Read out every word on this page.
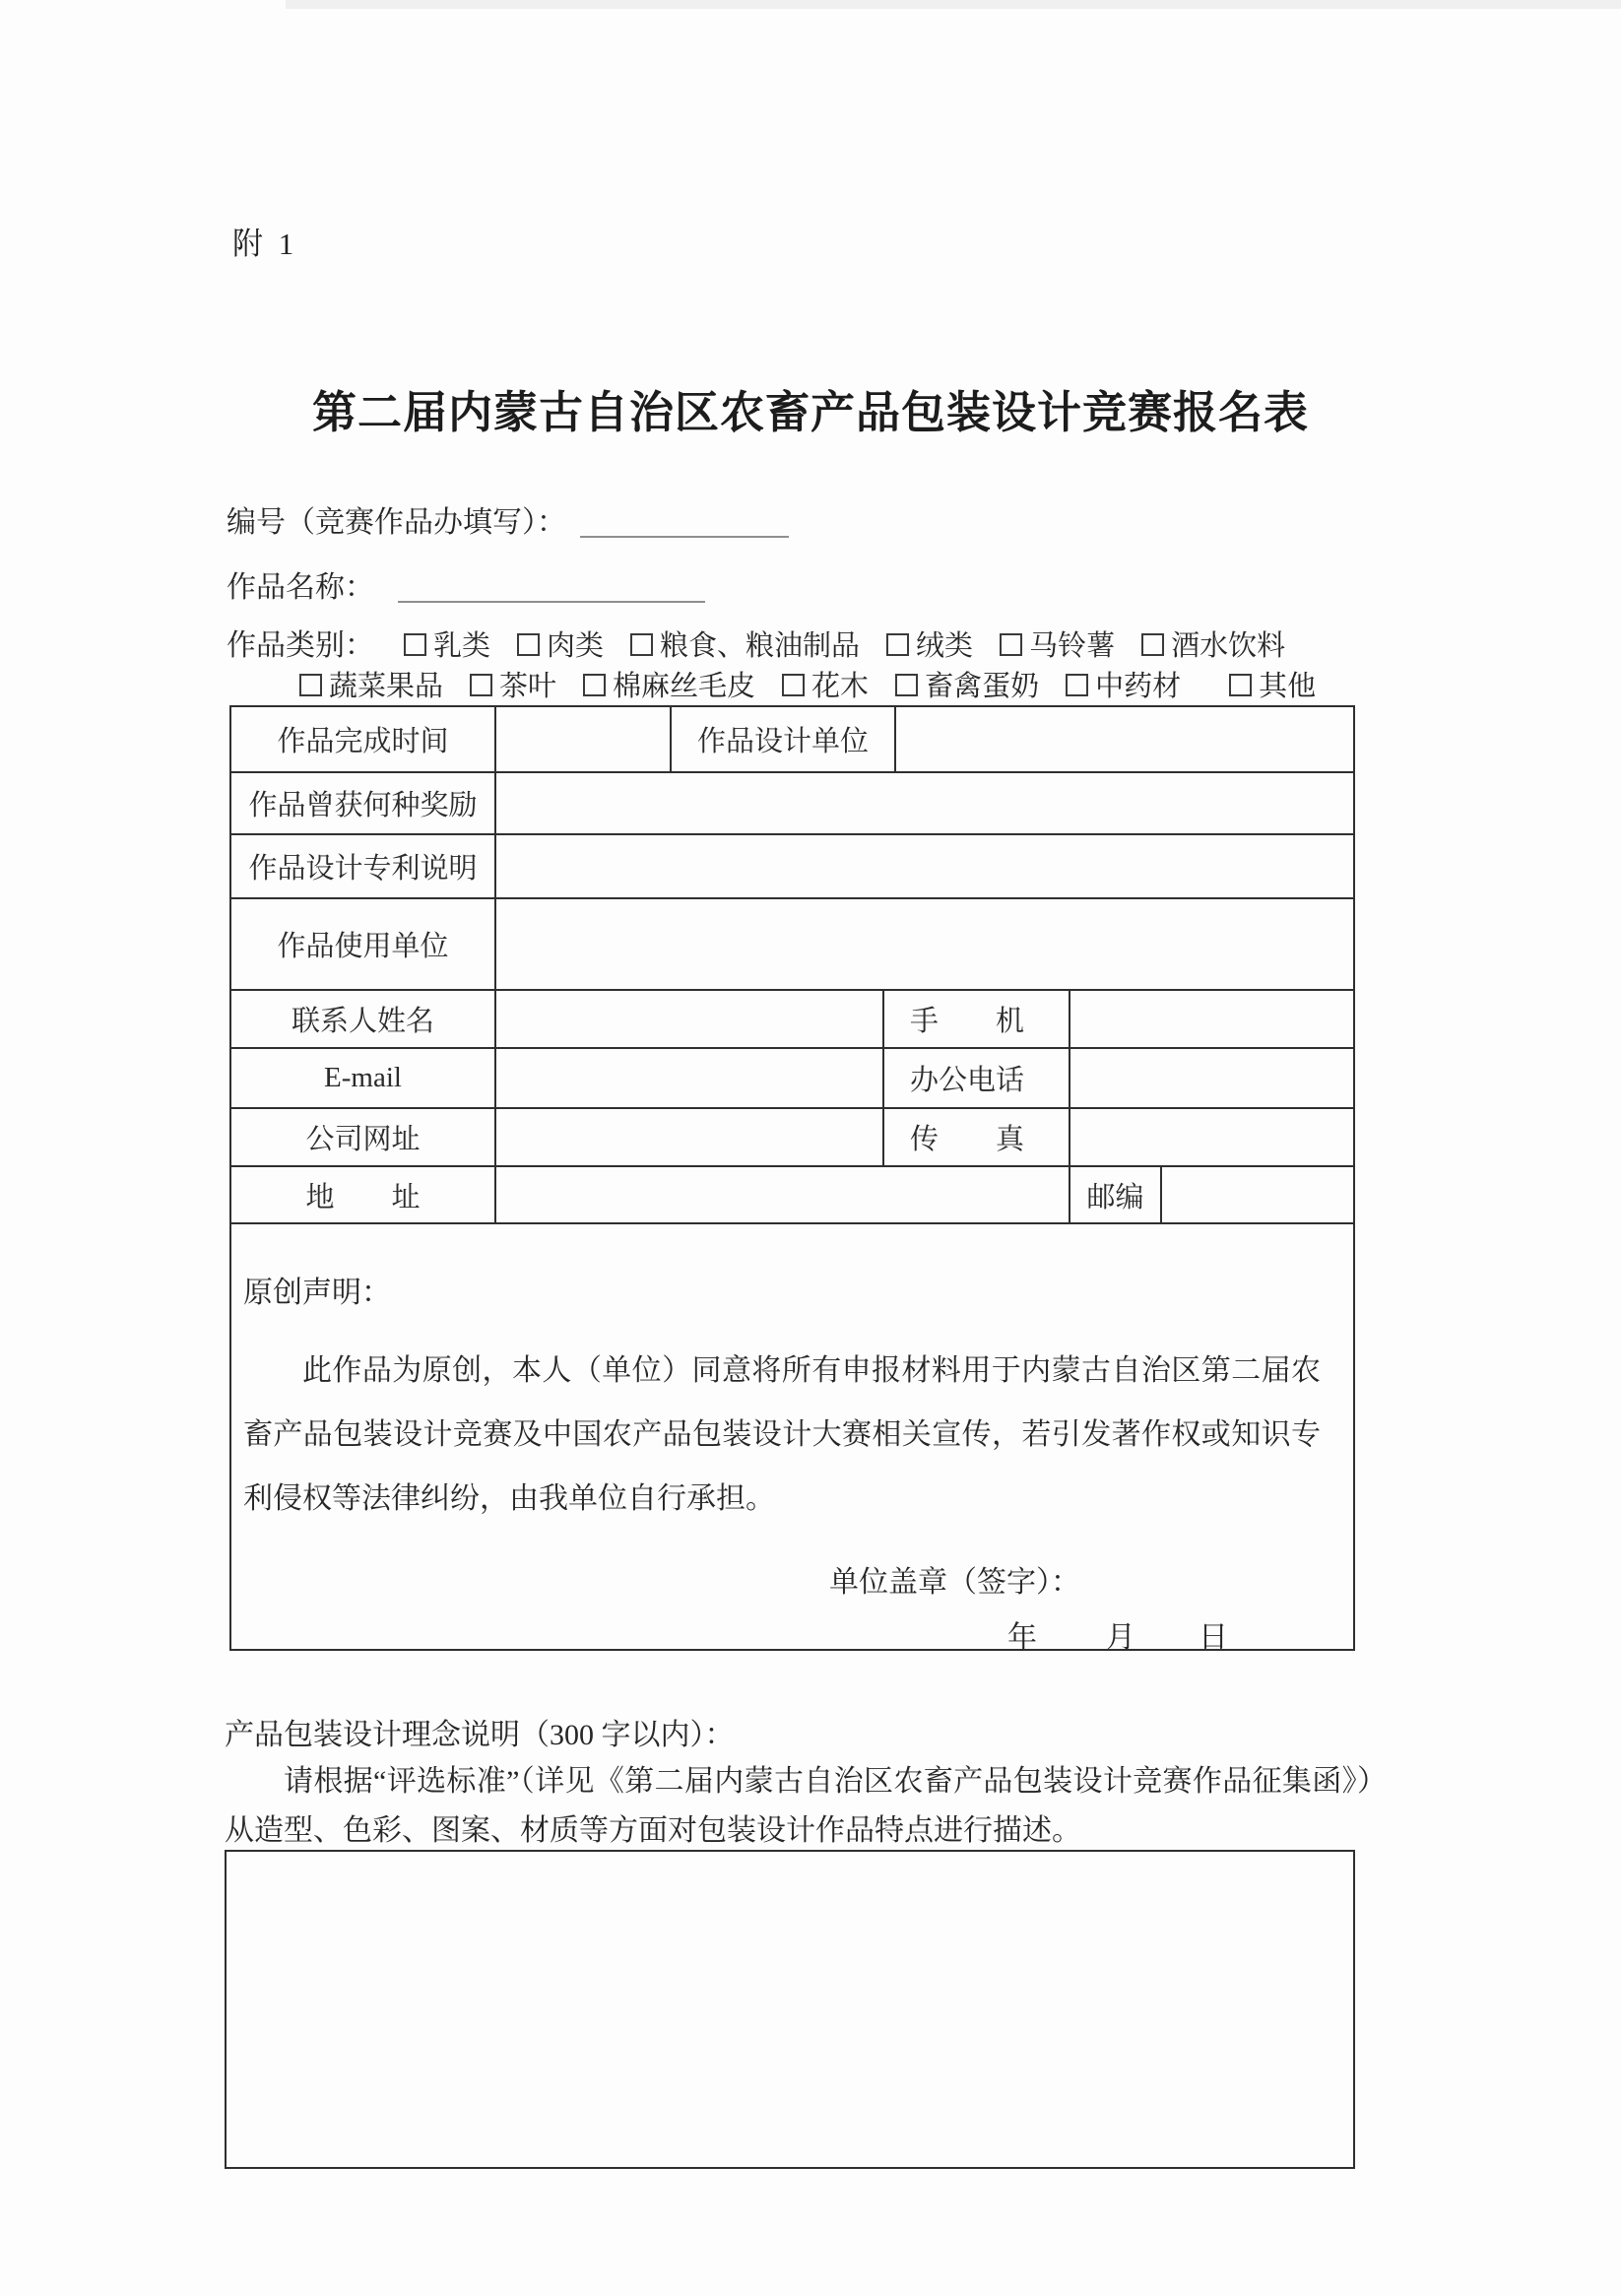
附 1
第二届内蒙古自治区农畜产品包装设计竞赛报名表
编号（竞赛作品办填写）：
作品名称：
作品类别： 乳类 肉类 粮食、粮油制品 绒类 马铃薯 酒水饮料
蔬菜果品 茶叶 棉麻丝毛皮 花木 畜禽蛋奶 中药材	其他
作品完成时间	作品设计单位
作品曾获何种奖励
作品设计专利说明
作品使用单位
联系人姓名	手　　机
E-mail	办公电话
公司网址	传　　真
地　　址	邮编
原创声明：

此作品为原创，本人（单位）同意将所有申报材料用于内蒙古自治区第二届农畜产品包装设计竞赛及中国农产品包装设计大赛相关宣传，若引发著作权或知识专利侵权等法律纠纷，由我单位自行承担。

单位盖章（签字）：
年 月 日
产品包装设计理念说明（300 字以内）：

请根据“评选标准”（详见《第二届内蒙古自治区农畜产品包装设计竞赛作品征集函》）从造型、色彩、图案、材质等方面对包装设计作品特点进行描述。
